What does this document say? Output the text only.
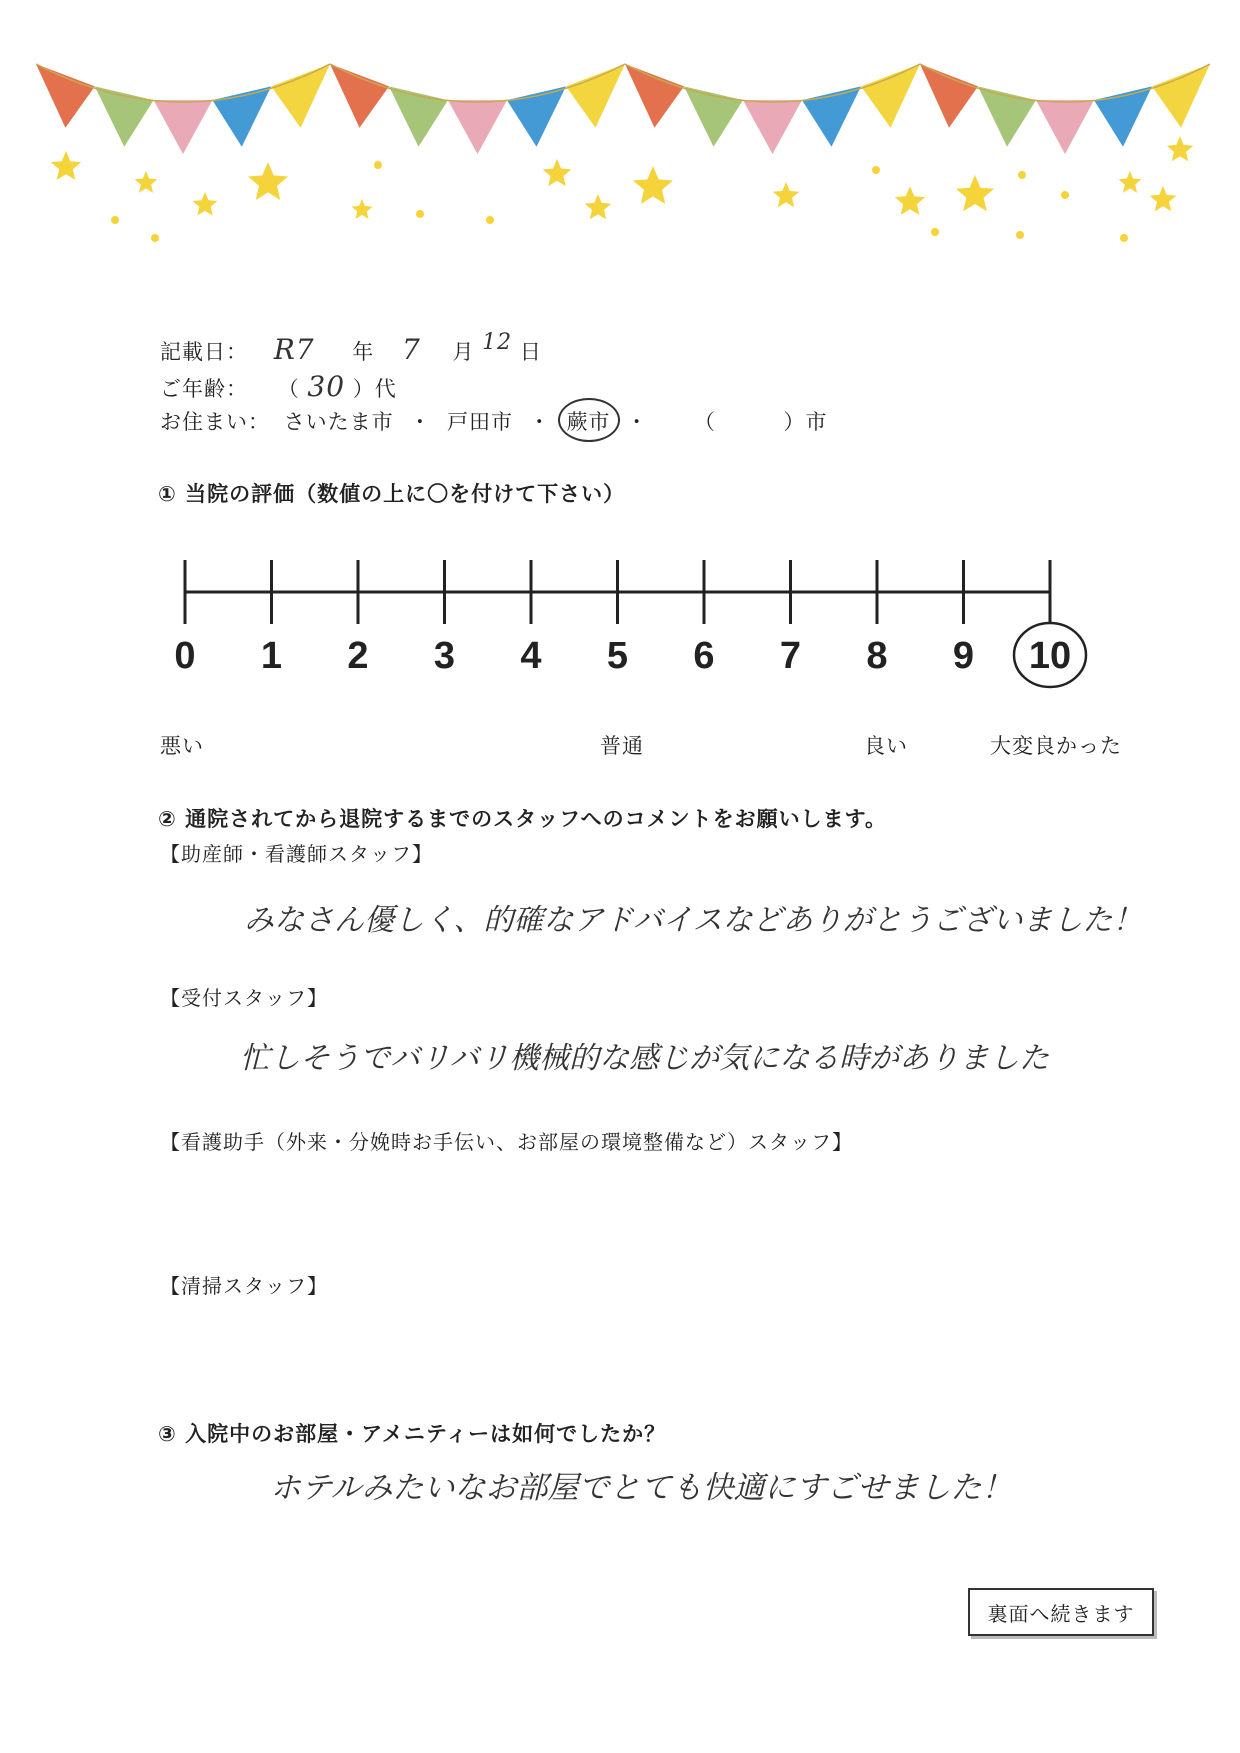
記載日： R7 年 7 月 12 日
ご年齢： （ 30 ）代
お住まい： さいたま市 ・ 戸田市 ・ 蕨市 ・ （	）市
① 当院の評価（数値の上に〇を付けて下さい）
0 1 2 3 4 5 6 7 8 9 10
悪い	普通	良い	大変良かった
② 通院されてから退院するまでのスタッフへのコメントをお願いします。
【助産師・看護師スタッフ】
みなさん優しく、的確なアドバイスなどありがとうございました！
【受付スタッフ】
忙しそうでバリバリ機械的な感じが気になる時がありました
【看護助手（外来・分娩時お手伝い、お部屋の環境整備など）スタッフ】
【清掃スタッフ】
③ 入院中のお部屋・アメニティーは如何でしたか？
ホテルみたいなお部屋でとても快適にすごせました！
裏面へ続きます
